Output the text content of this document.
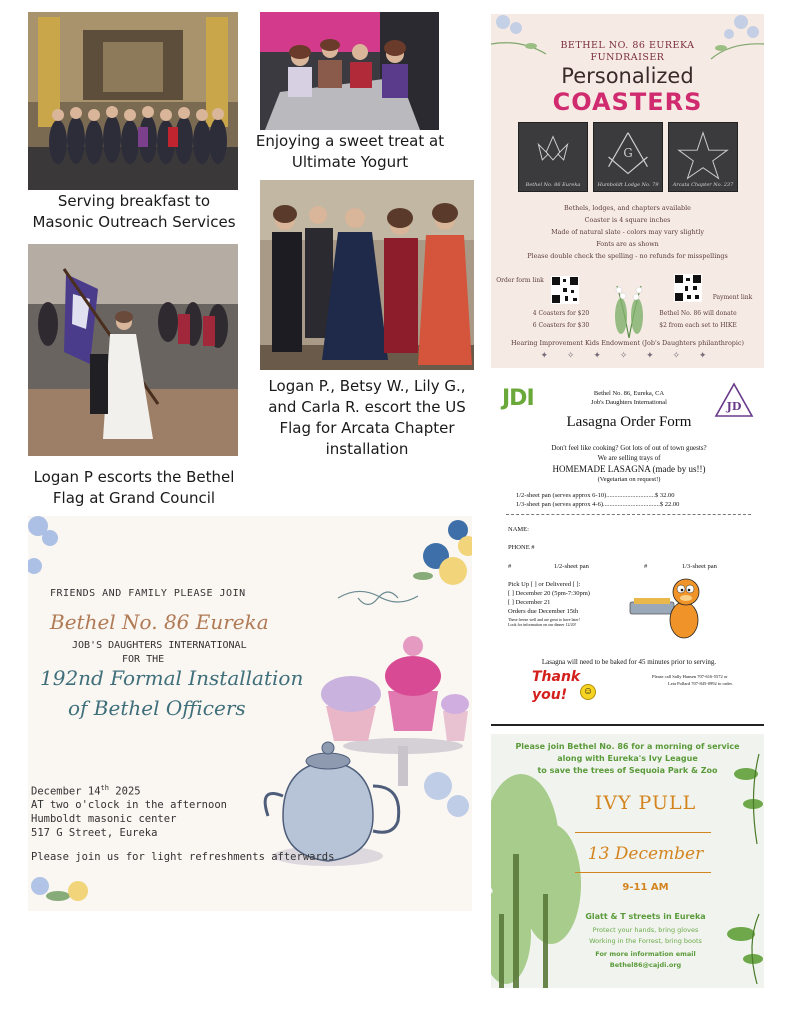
Serving breakfast to
Masonic Outreach Services
Enjoying a sweet treat at
Ultimate Yogurt
Logan P., Betsy W., Lily G.,
and Carla R. escort the US
Flag for Arcata Chapter
installation
Logan P escorts the Bethel
Flag at Grand Council
BETHEL NO. 86 EUREKA
FUNDRAISER
Personalized
COASTERS
Bethel No. 86 Eureka
G
Humboldt Lodge No. 79	Arcata Chapter No. 237
Bethels, lodges, and chapters available
Coaster is 4 square inches
Made of natural slate - colors may vary slightly
Fonts are as shown
Please double check the spelling - no refunds for misspellings
Order form link
Payment link
4 Coasters for $20
6 Coasters for $30
Bethel No. 86 will donate
$2 from each set to HIKE
Hearing Improvement Kids Endowment (Job's Daughters philanthropic)
✦ ✧ ✦ ✧ ✦ ✧ ✦
JDI	JD
Bethel No. 86, Eureka, CA
Job's Daughters International
Lasagna Order Form
Don't feel like cooking? Got lots of out of town guests?
We are selling trays of
HOMEMADE LASAGNA (made by us!!)
(Vegetarian on request!)
1/2-sheet pan (serves approx 6-10)..............................$ 32.00
1/3-sheet pan (serves approx 4-6)...................................$ 22.00
NAME:
PHONE #
#	1/2-sheet pan	#	1/3-sheet pan
Pick Up [ ] or Delivered [ ]:
[ ] December 20 (5pm-7:30pm)
[ ] December 21
Orders due December 15th
These freeze well and are great to have later!
Look for information on our dinner 12/20!
Lasagna will need to be baked for 45 minutes prior to serving.
Thank you! ☺
Please call Sally Hansen 707-616-5572 or
Leia Pollard 707-845-0992 to order.
FRIENDS AND FAMILY PLEASE JOIN
Bethel No. 86 Eureka
JOB'S DAUGHTERS INTERNATIONAL
FOR THE
192nd Formal Installation
of Bethel Officers
December 14th 2025
AT two o'clock in the afternoon
Humboldt masonic center
517 G Street, Eureka
Please join us for light refreshments afterwards
Please join Bethel No. 86 for a morning of service
along with Eureka's Ivy League
to save the trees of Sequoia Park & Zoo
IVY PULL
13 December
9-11 AM
Glatt & T streets in Eureka
Protect your hands, bring gloves
Working in the Forrest, bring boots
For more information email
Bethel86@cajdi.org
